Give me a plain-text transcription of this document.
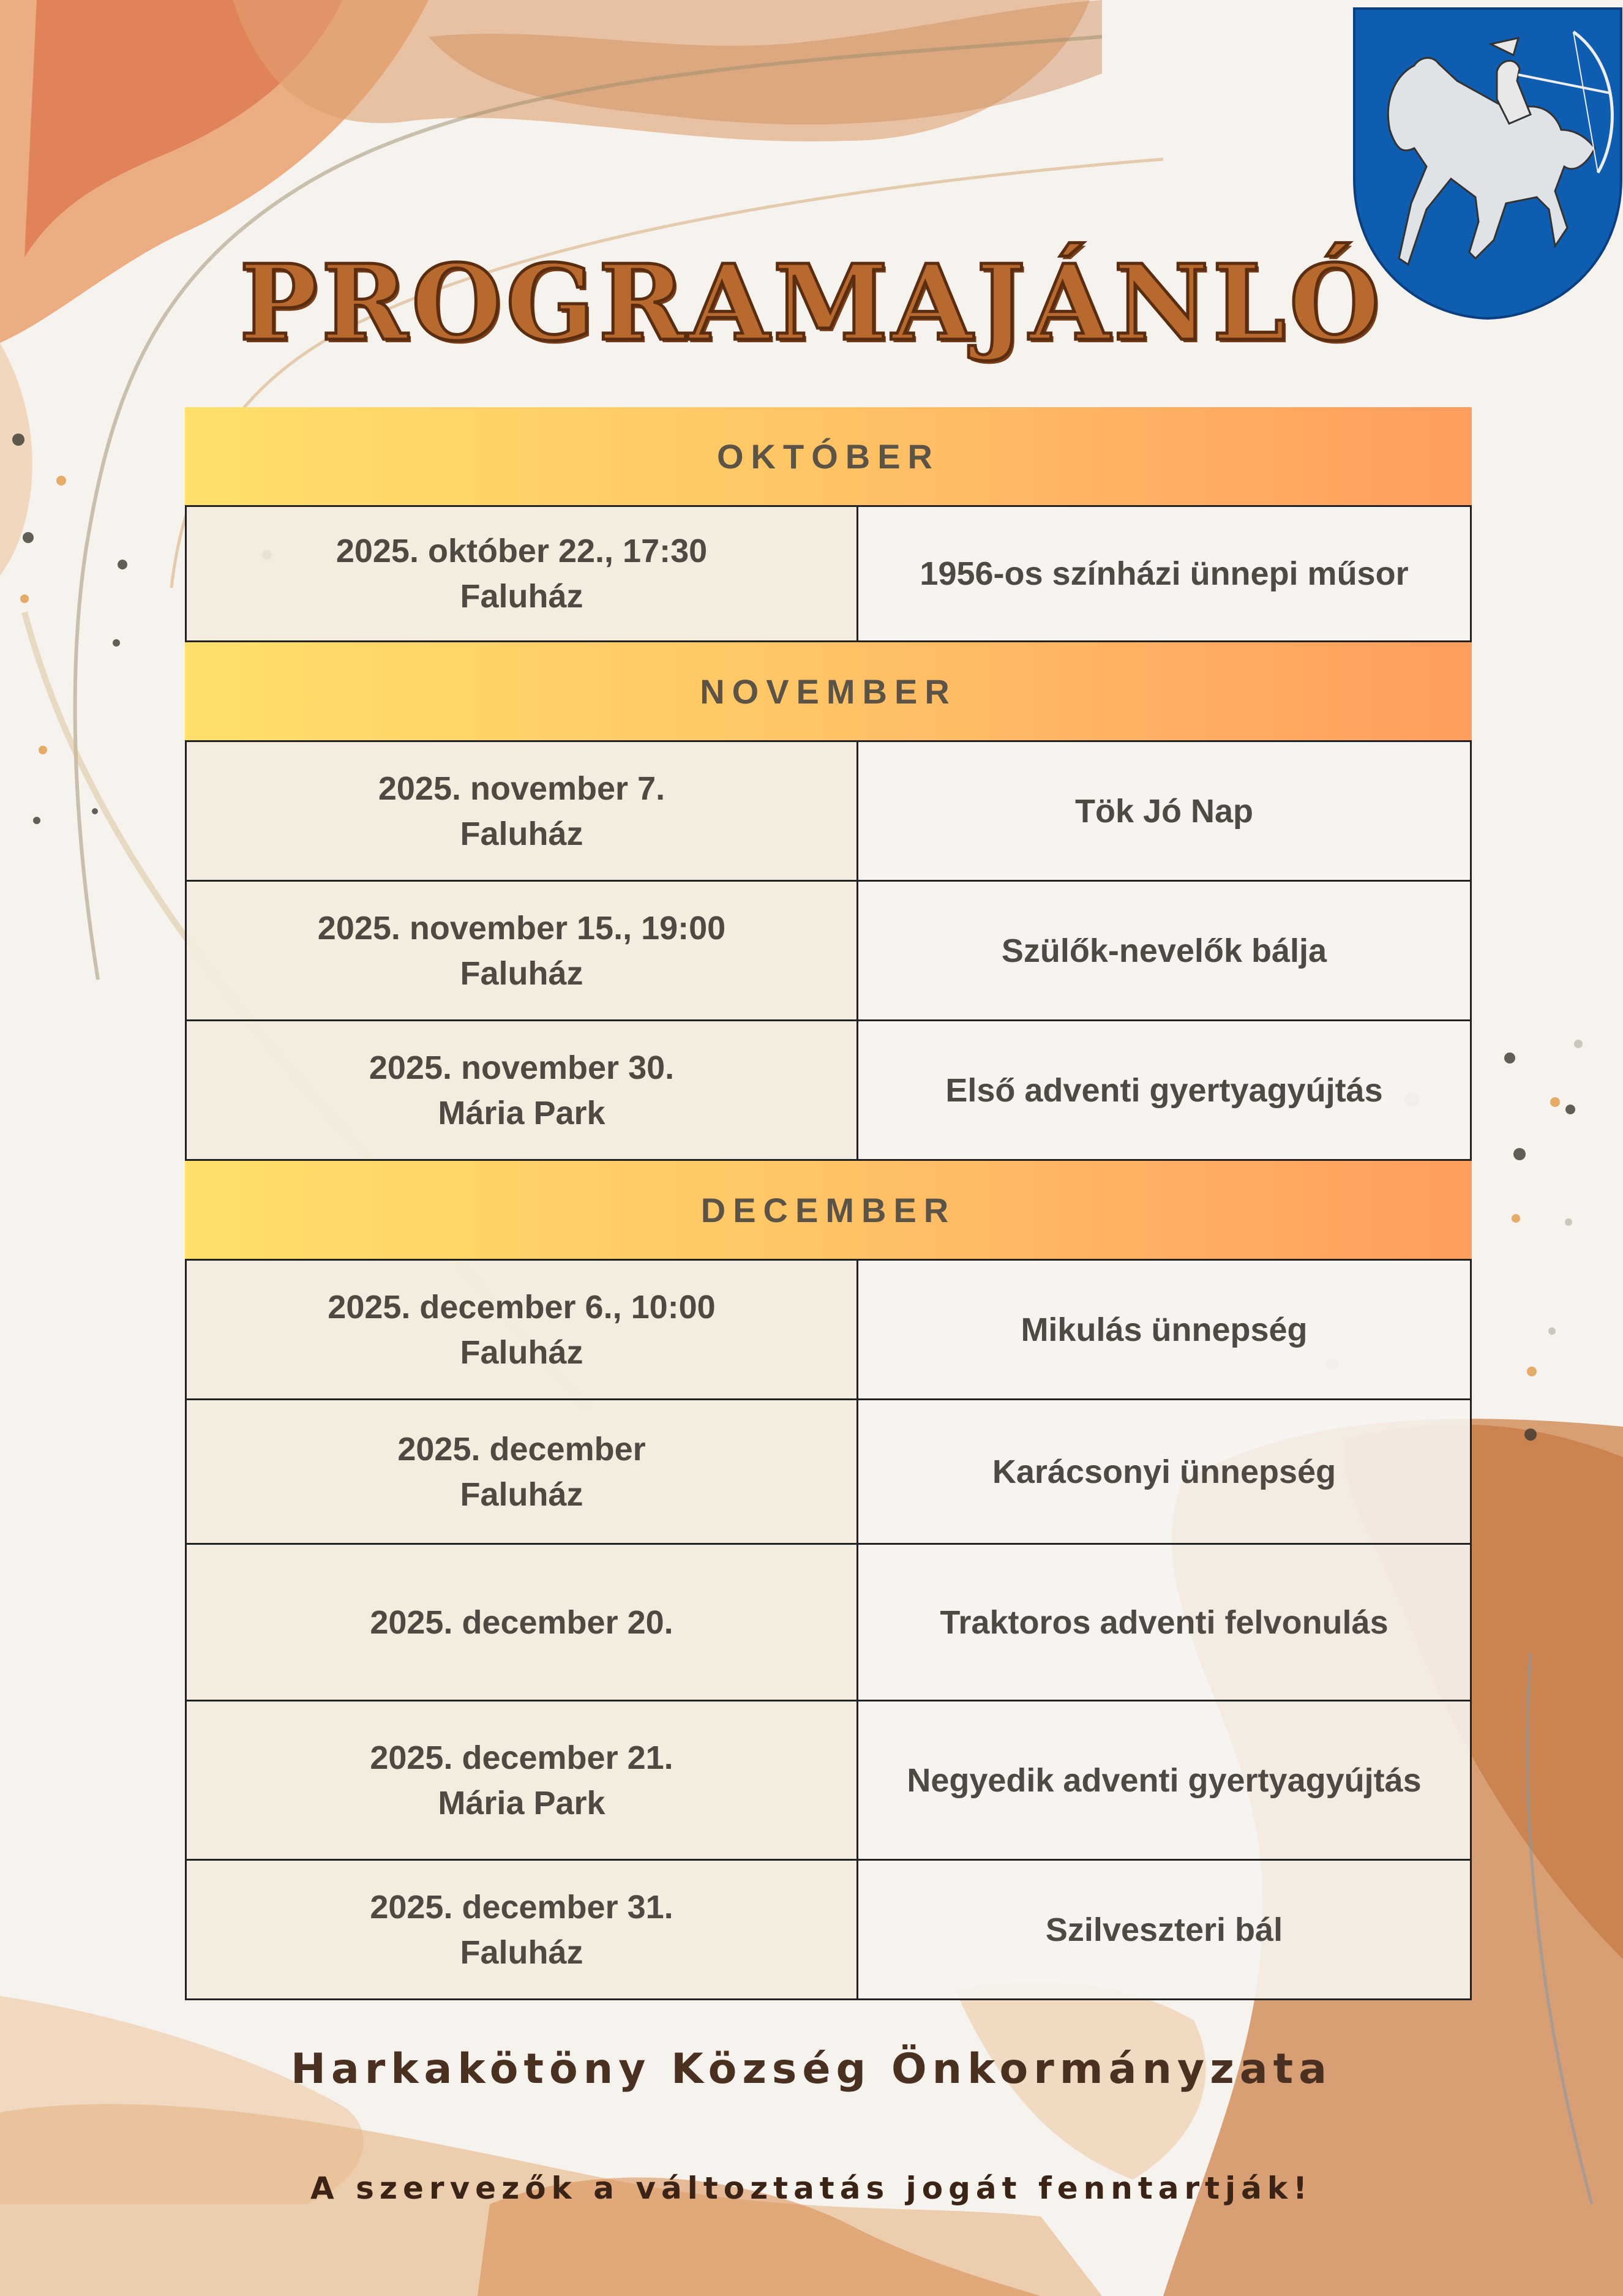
PROGRAMAJÁNLÓ
OKTÓBER
2025. október 22., 17:30
Faluház
1956-os színházi ünnepi műsor
NOVEMBER
2025. november 7.
Faluház
Tök Jó Nap
2025. november 15., 19:00
Faluház
Szülők-nevelők bálja
2025. november 30.
Mária Park
Első adventi gyertyagyújtás
DECEMBER
2025. december 6., 10:00
Faluház
Mikulás ünnepség
2025. december
Faluház
Karácsonyi ünnepség
2025. december 20.	Traktoros adventi felvonulás
2025. december 21.
Mária Park
Negyedik adventi gyertyagyújtás
2025. december 31.
Faluház
Szilveszteri bál
Harkakötöny Község Önkormányzata
A szervezők a változtatás jogát fenntartják!
